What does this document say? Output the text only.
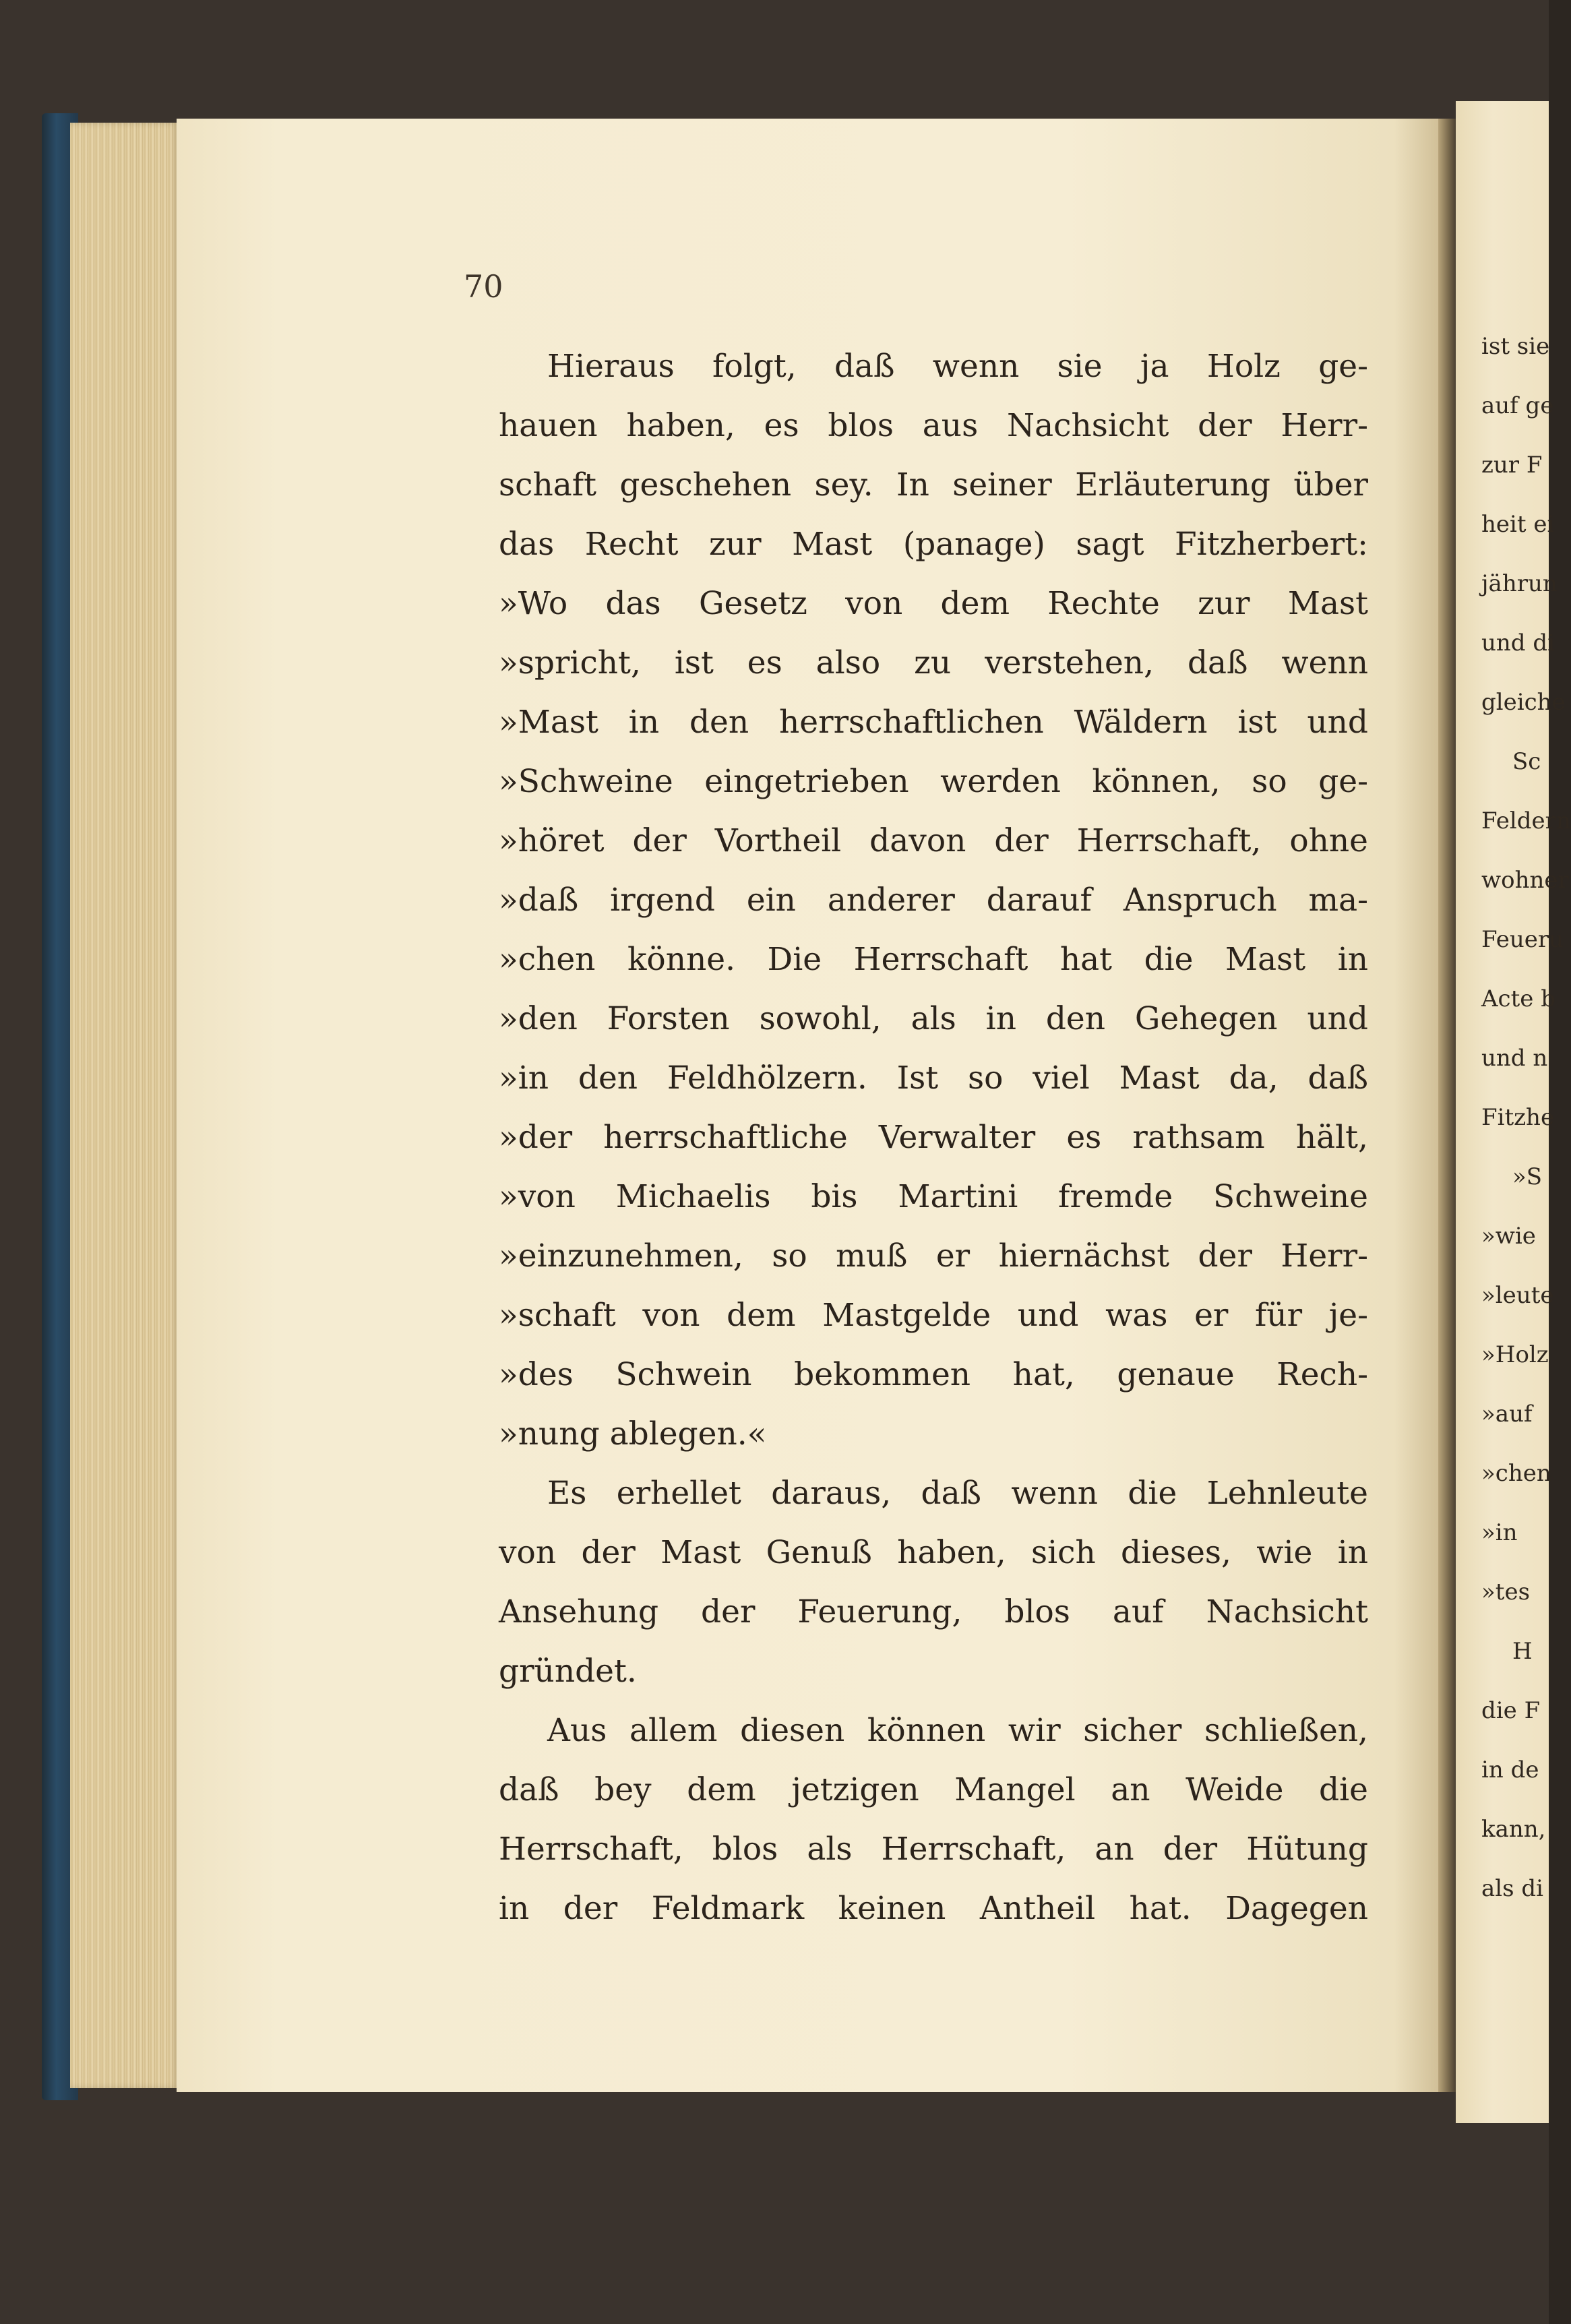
70
Hieraus folgt, daß wenn sie ja Holz ge-
hauen haben, es blos aus Nachsicht der Herr-
schaft geschehen sey. In seiner Erläuterung über
das Recht zur Mast (panage) sagt Fitzherbert:
»Wo das Gesetz von dem Rechte zur Mast
»spricht, ist es also zu verstehen, daß wenn
»Mast in den herrschaftlichen Wäldern ist und
»Schweine eingetrieben werden können, so ge-
»höret der Vortheil davon der Herrschaft, ohne
»daß irgend ein anderer darauf Anspruch ma-
»chen könne. Die Herrschaft hat die Mast in
»den Forsten sowohl, als in den Gehegen und
»in den Feldhölzern. Ist so viel Mast da, daß
»der herrschaftliche Verwalter es rathsam hält,
»von Michaelis bis Martini fremde Schweine
»einzunehmen, so muß er hiernächst der Herr-
»schaft von dem Mastgelde und was er für je-
»des Schwein bekommen hat, genaue Rech-
»nung ablegen.«
Es erhellet daraus, daß wenn die Lehnleute
von der Mast Genuß haben, sich dieses, wie in
Ansehung der Feuerung, blos auf Nachsicht
gründet.
Aus allem diesen können wir sicher schließen,
daß bey dem jetzigen Mangel an Weide die
Herrschaft, blos als Herrschaft, an der Hütung
in der Feldmark keinen Antheil hat. Dagegen
ist sie
auf ge
zur F
heit ei
jährun
und di
gleiche
Sc
Feldern
wohner
Feueru
Acte b
und n
Fitzhe
»S
»wie
»leute
»Holz
»auf
»chen
»in
»tes
H
die F
in de
kann,
als di
